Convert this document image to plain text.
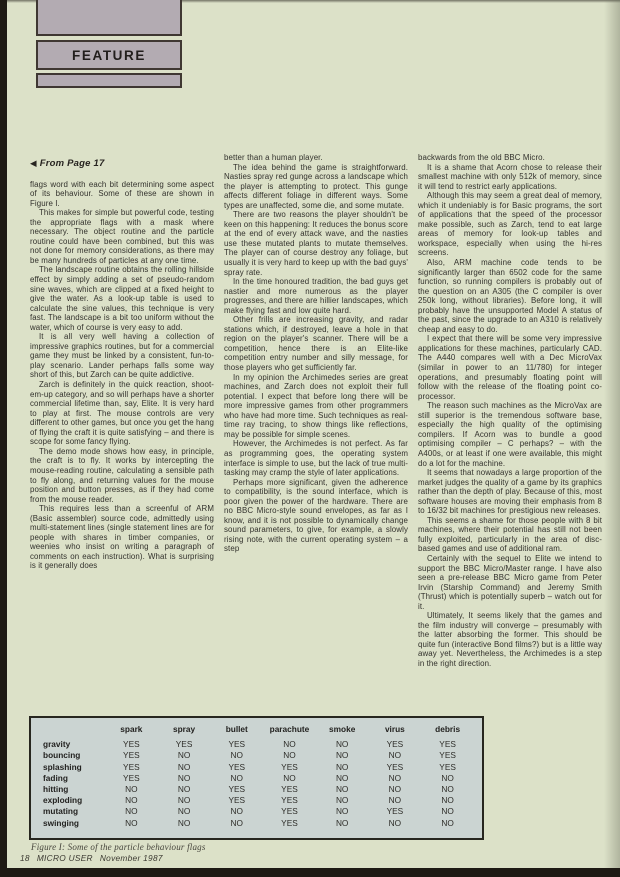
FEATURE

◀ From Page 17

flags word with each bit determining some aspect of its behaviour. Some of these are shown in Figure I.

This makes for simple but powerful code, testing the appropriate flags with a mask where necessary. The object routine and the particle routine could have been combined, but this was not done for memory considerations, as there may be many hundreds of particles at any one time.

The landscape routine obtains the rolling hillside effect by simply adding a set of pseudo-random sine waves, which are clipped at a fixed height to give the water. As a look-up table is used to calculate the sine values, this technique is very fast. The landscape is a bit too uniform without the water, which of course is very easy to add.

It is all very well having a collection of impressive graphics routines, but for a commercial game they must be linked by a consistent, fun-to-play scenario. Lander perhaps falls some way short of this, but Zarch can be quite addictive.

Zarch is definitely in the quick reaction, shoot-em-up category, and so will perhaps have a shorter commercial lifetime than, say, Elite. It is very hard to play at first. The mouse controls are very different to other games, but once you get the hang of flying the craft it is quite satisfying – and there is scope for some fancy flying.

The demo mode shows how easy, in principle, the craft is to fly. It works by intercepting the mouse-reading routine, calculating a sensible path to fly along, and returning values for the mouse position and button presses, as if they had come from the mouse reader.

This requires less than a screenful of ARM (Basic assembler) source code, admittedly using multi-statement lines (single statement lines are for people with shares in timber companies, or weenies who insist on writing a paragraph of comments on each instruction). What is surprising is it generally does

better than a human player.

The idea behind the game is straightforward. Nasties spray red gunge across a landscape which the player is attempting to protect. This gunge affects different foliage in different ways. Some types are unaffected, some die, and some mutate.

There are two reasons the player shouldn't be keen on this happening: It reduces the bonus score at the end of every attack wave, and the nasties use these mutated plants to mutate themselves. The player can of course destroy any foliage, but usually it is very hard to keep up with the bad guys' spray rate.

In the time honoured tradition, the bad guys get nastier and more numerous as the player progresses, and there are hillier landscapes, which make flying fast and low quite hard.

Other frills are increasing gravity, and radar stations which, if destroyed, leave a hole in that region on the player's scanner. There will be a competition, hence there is an Elite-like competition entry number and silly message, for those players who get sufficiently far.

In my opinion the Archimedes series are great machines, and Zarch does not exploit their full potential. I expect that before long there will be more impressive games from other programmers who have had more time. Such techniques as real-time ray tracing, to show things like reflections, may be possible for simple scenes.

However, the Archimedes is not perfect. As far as programming goes, the operating system interface is simple to use, but the lack of true multi-tasking may cramp the style of later applications.

Perhaps more significant, given the adherence to compatibility, is the sound interface, which is poor given the power of the hardware. There are no BBC Micro-style sound envelopes, as far as I know, and it is not possible to dynamically change sound parameters, to give, for example, a slowly rising note, with the current operating system – a step

backwards from the old BBC Micro.

It is a shame that Acorn chose to release their smallest machine with only 512k of memory, since it will tend to restrict early applications.

Although this may seem a great deal of memory, which it undeniably is for Basic programs, the sort of applications that the speed of the processor make possible, such as Zarch, tend to eat large areas of memory for look-up tables and workspace, especially when using the hi-res screens.

Also, ARM machine code tends to be significantly larger than 6502 code for the same function, so running compilers is probably out of the question on an A305 (the C compiler is over 250k long, without libraries). Before long, it will probably have the unsupported Model A status of the past, since the upgrade to an A310 is relatively cheap and easy to do.

I expect that there will be some very impressive applications for these machines, particularly CAD. The A440 compares well with a Dec MicroVax (similar in power to an 11/780) for integer operations, and presumably floating point will follow with the release of the floating point co-processor.

The reason such machines as the MicroVax are still superior is the tremendous software base, especially the high quality of the optimising compilers. If Acorn was to bundle a good optimising compiler – C perhaps? – with the A400s, or at least if one were available, this might do a lot for the machine.

It seems that nowadays a large proportion of the market judges the quality of a game by its graphics rather than the depth of play. Because of this, most software houses are moving their emphasis from 8 to 16/32 bit machines for prestigious new releases.

This seems a shame for those people with 8 bit machines, where their potential has still not been fully exploited, particularly in the area of disc-based games and use of additional ram.

Certainly with the sequel to Elite we intend to support the BBC Micro/Master range. I have also seen a pre-release BBC Micro game from Peter Irvin (Starship Command) and Jeremy Smith (Thrust) which is potentially superb – watch out for it.

Ultimately, It seems likely that the games and the film industry will converge – presumably with the latter absorbing the former. This should be quite fun (interactive Bond films?) but is a little way away yet. Nevertheless, the Archimedes is a step in the right direction.

	spark	spray	bullet	parachute	smoke	virus	debris
gravity	YES	YES	YES	NO	NO	YES	YES
bouncing	YES	NO	NO	NO	NO	NO	YES
splashing	YES	NO	YES	YES	NO	YES	YES
fading	YES	NO	NO	NO	NO	NO	NO
hitting	NO	NO	YES	YES	NO	NO	NO
exploding	NO	NO	YES	YES	NO	NO	NO
mutating	NO	NO	NO	YES	NO	YES	NO
swinging	NO	NO	NO	YES	NO	NO	NO
Figure I: Some of the particle behaviour flags
18 MICRO USER November 1987
